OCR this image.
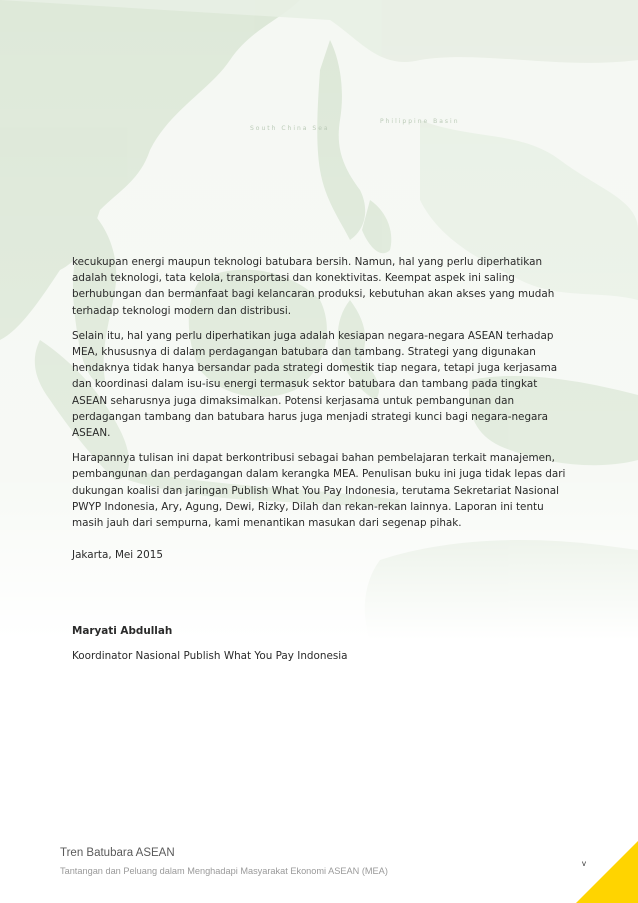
kecukupan energi maupun teknologi batubara bersih. Namun, hal yang perlu diperhatikan adalah teknologi, tata kelola, transportasi dan konektivitas. Keempat aspek ini saling berhubungan dan bermanfaat bagi kelancaran produksi, kebutuhan akan akses yang mudah terhadap teknologi modern dan distribusi.

Selain itu, hal yang perlu diperhatikan juga adalah kesiapan negara-negara ASEAN terhadap MEA, khususnya di dalam perdagangan batubara dan tambang. Strategi yang digunakan hendaknya tidak hanya bersandar pada strategi domestik tiap negara, tetapi juga kerjasama dan koordinasi dalam isu-isu energi termasuk sektor batubara dan tambang pada tingkat ASEAN seharusnya juga dimaksimalkan. Potensi kerjasama untuk pembangunan dan perdagangan tambang dan batubara harus juga menjadi strategi kunci bagi negara-negara ASEAN.

Harapannya tulisan ini dapat berkontribusi sebagai bahan pembelajaran terkait manajemen, pembangunan dan perdagangan dalam kerangka MEA. Penulisan buku ini juga tidak lepas dari dukungan koalisi dan jaringan Publish What You Pay Indonesia, terutama Sekretariat Nasional PWYP Indonesia, Ary, Agung, Dewi, Rizky, Dilah dan rekan-rekan lainnya. Laporan ini tentu masih jauh dari sempurna, kami menantikan masukan dari segenap pihak.

Jakarta, Mei 2015
Maryati Abdullah
Koordinator Nasional Publish What You Pay Indonesia
Tren Batubara ASEAN
Tantangan dan Peluang dalam Menghadapi Masyarakat Ekonomi ASEAN (MEA)
v
